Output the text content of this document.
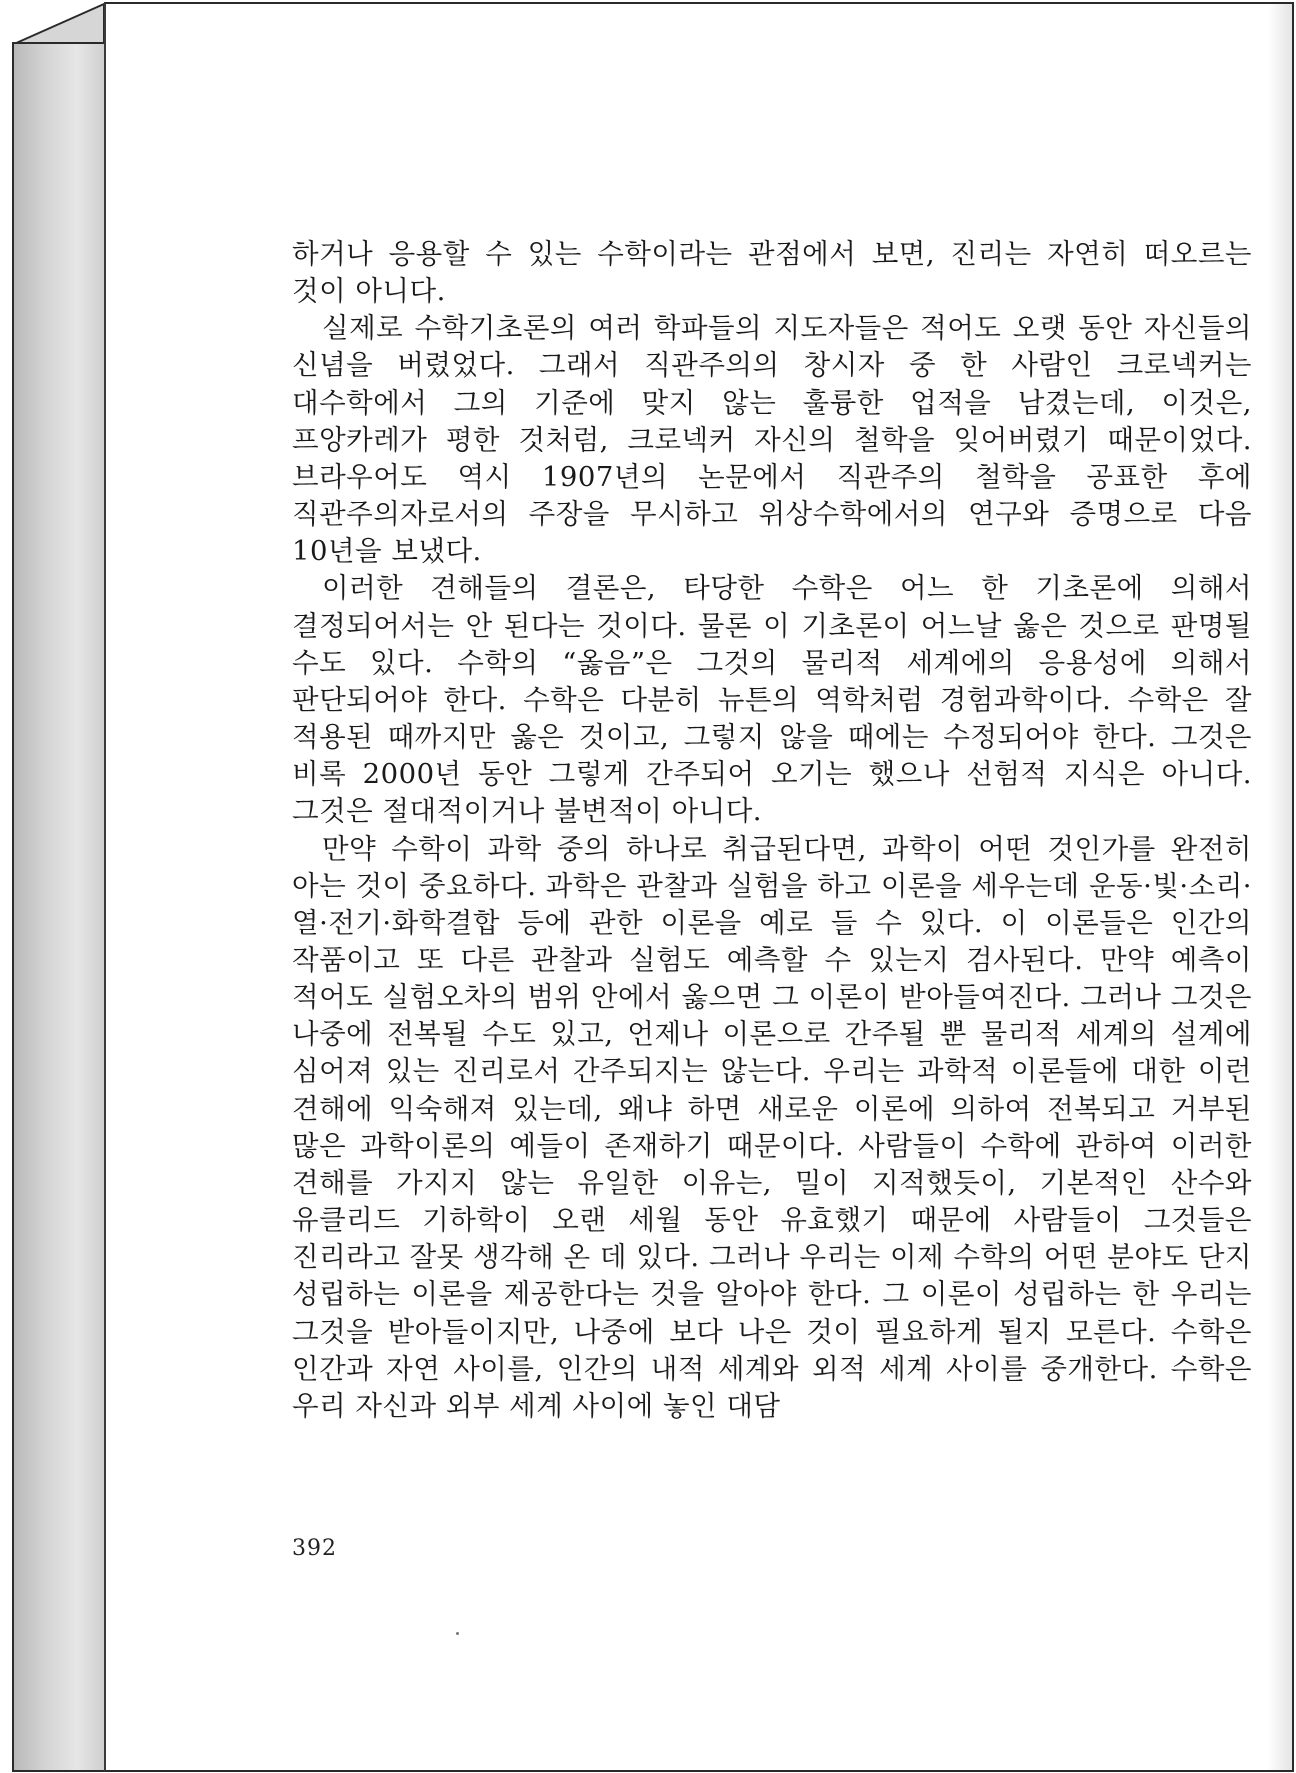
하거나 응용할 수 있는 수학이라는 관점에서 보면, 진리는 자연히 떠오르는 것이 아니다.

실제로 수학기초론의 여러 학파들의 지도자들은 적어도 오랫 동안 자신들의 신념을 버렸었다. 그래서 직관주의의 창시자 중 한 사람인 크로넥커는 대수학에서 그의 기준에 맞지 않는 훌륭한 업적을 남겼는데, 이것은, 프앙카레가 평한 것처럼, 크로넥커 자신의 철학을 잊어버렸기 때문이었다. 브라우어도 역시 1907년의 논문에서 직관주의 철학을 공표한 후에 직관주의자로서의 주장을 무시하고 위상수학에서의 연구와 증명으로 다음 10년을 보냈다.

이러한 견해들의 결론은, 타당한 수학은 어느 한 기초론에 의해서 결정되어서는 안 된다는 것이다. 물론 이 기초론이 어느날 옳은 것으로 판명될 수도 있다. 수학의 “옳음”은 그것의 물리적 세계에의 응용성에 의해서 판단되어야 한다. 수학은 다분히 뉴튼의 역학처럼 경험과학이다. 수학은 잘 적용된 때까지만 옳은 것이고, 그렇지 않을 때에는 수정되어야 한다. 그것은 비록 2000년 동안 그렇게 간주되어 오기는 했으나 선험적 지식은 아니다. 그것은 절대적이거나 불변적이 아니다.

만약 수학이 과학 중의 하나로 취급된다면, 과학이 어떤 것인가를 완전히 아는 것이 중요하다. 과학은 관찰과 실험을 하고 이론을 세우는데 운동·빛·소리·열·전기·화학결합 등에 관한 이론을 예로 들 수 있다. 이 이론들은 인간의 작품이고 또 다른 관찰과 실험도 예측할 수 있는지 검사된다. 만약 예측이 적어도 실험오차의 범위 안에서 옳으면 그 이론이 받아들여진다. 그러나 그것은 나중에 전복될 수도 있고, 언제나 이론으로 간주될 뿐 물리적 세계의 설계에 심어져 있는 진리로서 간주되지는 않는다. 우리는 과학적 이론들에 대한 이런 견해에 익숙해져 있는데, 왜냐 하면 새로운 이론에 의하여 전복되고 거부된 많은 과학이론의 예들이 존재하기 때문이다. 사람들이 수학에 관하여 이러한 견해를 가지지 않는 유일한 이유는, 밀이 지적했듯이, 기본적인 산수와 유클리드 기하학이 오랜 세월 동안 유효했기 때문에 사람들이 그것들은 진리라고 잘못 생각해 온 데 있다. 그러나 우리는 이제 수학의 어떤 분야도 단지 성립하는 이론을 제공한다는 것을 알아야 한다. 그 이론이 성립하는 한 우리는 그것을 받아들이지만, 나중에 보다 나은 것이 필요하게 될지 모른다. 수학은 인간과 자연 사이를, 인간의 내적 세계와 외적 세계 사이를 중개한다. 수학은 우리 자신과 외부 세계 사이에 놓인 대담

392
